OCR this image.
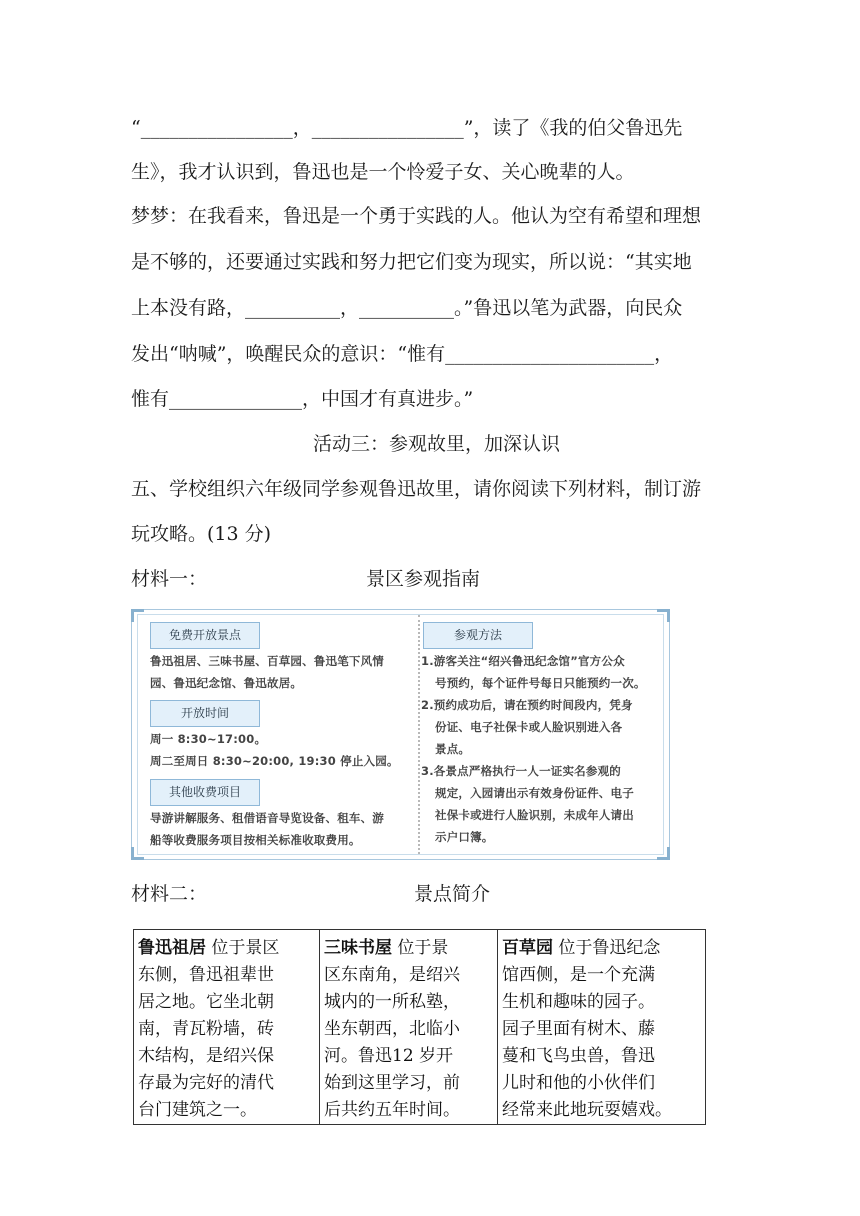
“________________，________________”，读了《我的伯父鲁迅先
生》，我才认识到，鲁迅也是一个怜爱子女、关心晚辈的人。
梦梦：在我看来，鲁迅是一个勇于实践的人。他认为空有希望和理想
是不够的，还要通过实践和努力把它们变为现实，所以说：“其实地
上本没有路，__________，__________。”鲁迅以笔为武器，向民众
发出“呐喊”，唤醒民众的意识：“惟有______________________，
惟有______________，中国才有真进步。”
活动三：参观故里，加深认识
五、学校组织六年级同学参观鲁迅故里，请你阅读下列材料，制订游
玩攻略。(13 分)
材料一：	景区参观指南
免费开放景点
鲁迅祖居、三味书屋、百草园、鲁迅笔下风情
园、鲁迅纪念馆、鲁迅故居。
开放时间
周一 8:30~17:00。
周二至周日 8:30~20:00, 19:30 停止入园。
其他收费项目
导游讲解服务、租借语音导览设备、租车、游
船等收费服务项目按相关标准收取费用。
参观方法
1.游客关注“绍兴鲁迅纪念馆”官方公众
号预约，每个证件号每日只能预约一次。
2.预约成功后，请在预约时间段内，凭身
份证、电子社保卡或人脸识别进入各
景点。
3.各景点严格执行一人一证实名参观的
规定，入园请出示有效身份证件、电子
社保卡或进行人脸识别，未成年人请出
示户口簿。
材料二：	景点简介
鲁迅祖居 位于景区
东侧，鲁迅祖辈世
居之地。它坐北朝
南，青瓦粉墙，砖
木结构，是绍兴保
存最为完好的清代
台门建筑之一。

三味书屋 位于景
区东南角，是绍兴
城内的一所私塾，
坐东朝西，北临小
河。鲁迅12 岁开
始到这里学习，前
后共约五年时间。

百草园 位于鲁迅纪念
馆西侧，是一个充满
生机和趣味的园子。
园子里面有树木、藤
蔓和飞鸟虫兽，鲁迅
儿时和他的小伙伴们
经常来此地玩耍嬉戏。
